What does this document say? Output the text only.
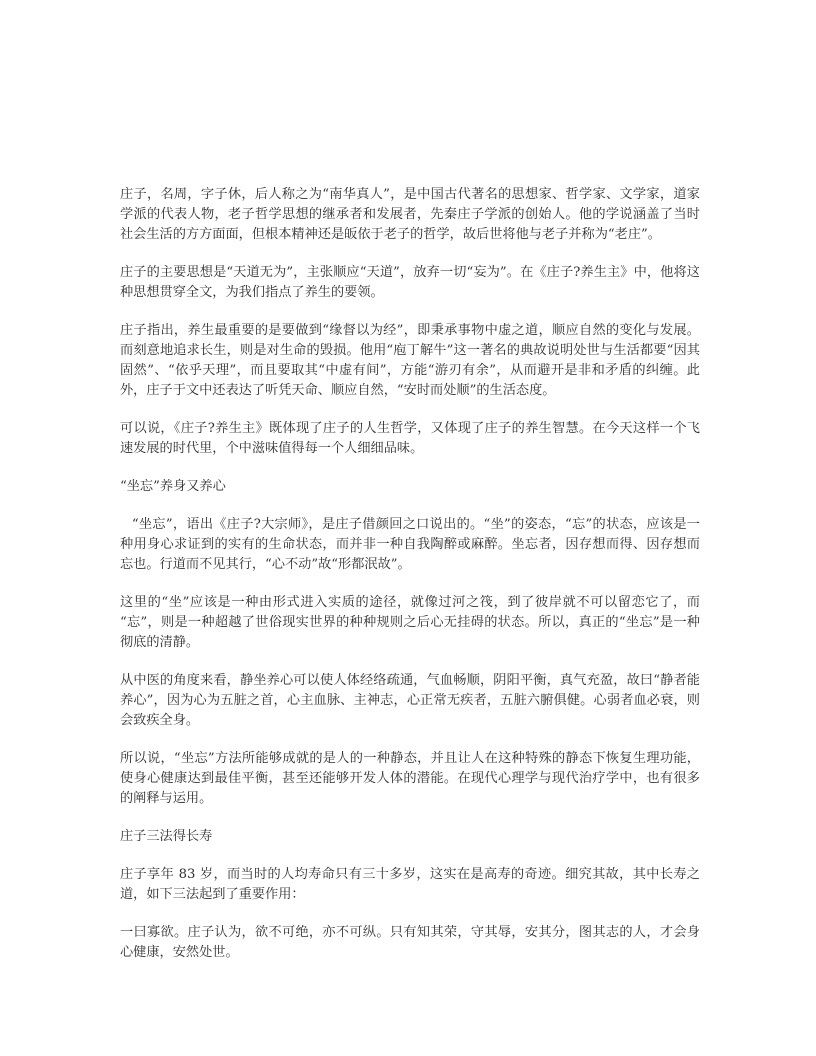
庄子，名周，字子休，后人称之为“南华真人”，是中国古代著名的思想家、哲学家、文学家，道家学派的代表人物，老子哲学思想的继承者和发展者，先秦庄子学派的创始人。他的学说涵盖了当时社会生活的方方面面，但根本精神还是皈依于老子的哲学，故后世将他与老子并称为“老庄”。

庄子的主要思想是“天道无为”，主张顺应“天道”，放弃一切“妄为”。在《庄子?养生主》中，他将这种思想贯穿全文，为我们指点了养生的要领。

庄子指出，养生最重要的是要做到“缘督以为经”，即秉承事物中虚之道，顺应自然的变化与发展。而刻意地追求长生，则是对生命的毁损。他用“庖丁解牛”这一著名的典故说明处世与生活都要“因其固然”、“依乎天理”，而且要取其“中虚有间”，方能“游刃有余”，从而避开是非和矛盾的纠缠。此外，庄子于文中还表达了听凭天命、顺应自然，“安时而处顺”的生活态度。

可以说，《庄子?养生主》既体现了庄子的人生哲学，又体现了庄子的养生智慧。在今天这样一个飞速发展的时代里，个中滋味值得每一个人细细品味。

“坐忘”养身又养心

“坐忘”，语出《庄子?大宗师》，是庄子借颜回之口说出的。“坐”的姿态，“忘”的状态，应该是一种用身心求证到的实有的生命状态，而并非一种自我陶醉或麻醉。坐忘者，因存想而得、因存想而忘也。行道而不见其行，“心不动”故“形都泯故”。

这里的“坐”应该是一种由形式进入实质的途径，就像过河之筏，到了彼岸就不可以留恋它了，而“忘”，则是一种超越了世俗现实世界的种种规则之后心无挂碍的状态。所以，真正的“坐忘”是一种彻底的清静。

从中医的角度来看，静坐养心可以使人体经络疏通，气血畅顺，阴阳平衡，真气充盈，故曰“静者能养心”，因为心为五脏之首，心主血脉、主神志，心正常无疾者，五脏六腑俱健。心弱者血必衰，则会致疾全身。

所以说，“坐忘”方法所能够成就的是人的一种静态，并且让人在这种特殊的静态下恢复生理功能，使身心健康达到最佳平衡，甚至还能够开发人体的潜能。在现代心理学与现代治疗学中，也有很多的阐释与运用。

庄子三法得长寿

庄子享年 83 岁，而当时的人均寿命只有三十多岁，这实在是高寿的奇迹。细究其故，其中长寿之道，如下三法起到了重要作用：

一曰寡欲。庄子认为，欲不可绝，亦不可纵。只有知其荣，守其辱，安其分，图其志的人，才会身心健康，安然处世。
